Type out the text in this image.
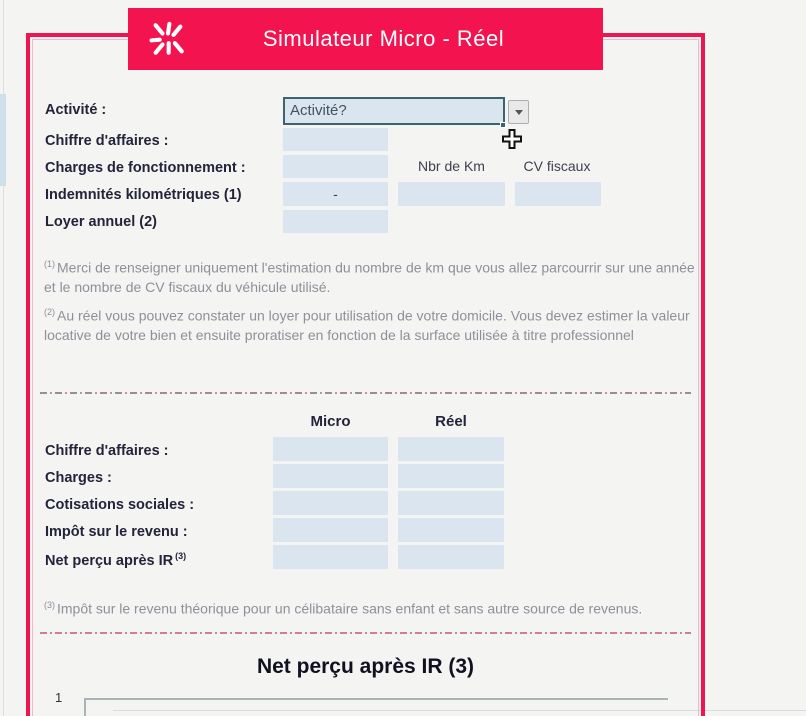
Simulateur Micro - Réel
Activité :
Chiffre d'affaires :
Charges de fonctionnement :
Indemnités kilométriques (1)
Loyer annuel (2)
Activité?
-
Nbr de Km	CV fiscaux
$^{(1)}$ Merci de renseigner uniquement l'estimation du nombre de km que vous allez parcourrir sur une année et le nombre de CV fiscaux du véhicule utilisé.
$^{(2)}$ Au réel vous pouvez constater un loyer pour utilisation de votre domicile. Vous devez estimer la valeur locative de votre bien et ensuite proratiser en fonction de la surface utilisée à titre professionnel
Micro	Réel
Chiffre d'affaires :
Charges :
Cotisations sociales :
Impôt sur le revenu :
Net perçu après IR $^{(3)}$
$^{(3)}$ Impôt sur le revenu théorique pour un célibataire sans enfant et sans autre source de revenus.
Net perçu après IR (3)
1
